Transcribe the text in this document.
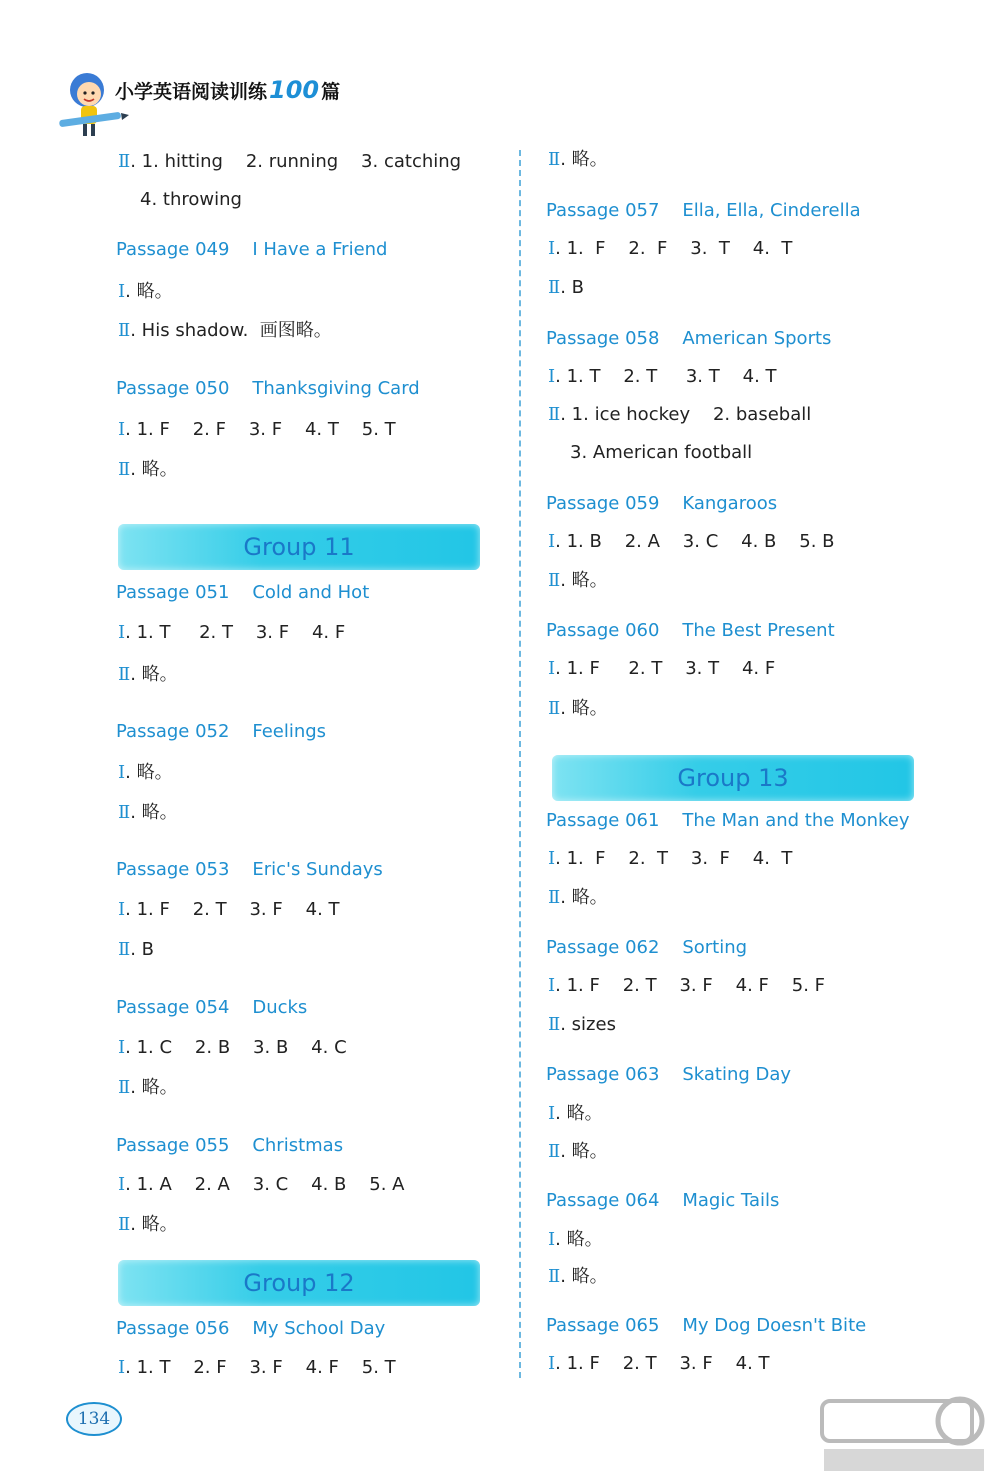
小学英语阅读训练100 篇
Ⅱ. 1. hitting    2. running    3. catching
4. throwing
Passage 049    I Have a Friend
Ⅰ. 略。
Ⅱ. His shadow.  画图略。
Passage 050    Thanksgiving Card
Ⅰ. 1. F    2. F    3. F    4. T    5. T
Ⅱ. 略。
Group 11
Passage 051    Cold and Hot
Ⅰ. 1. T     2. T    3. F    4. F
Ⅱ. 略。
Passage 052    Feelings
Ⅰ. 略。
Ⅱ. 略。
Passage 053    Eric's Sundays
Ⅰ. 1. F    2. T    3. F    4. T
Ⅱ. B
Passage 054    Ducks
Ⅰ. 1. C    2. B    3. B    4. C
Ⅱ. 略。
Passage 055    Christmas
Ⅰ. 1. A    2. A    3. C    4. B    5. A
Ⅱ. 略。
Group 12
Passage 056    My School Day
Ⅰ. 1. T    2. F    3. F    4. F    5. T
Ⅱ. 略。
Passage 057    Ella, Ella, Cinderella
Ⅰ. 1.  F    2.  F    3.  T    4.  T
Ⅱ. B
Passage 058    American Sports
Ⅰ. 1. T    2. T     3. T    4. T
Ⅱ. 1. ice hockey    2. baseball
3. American football
Passage 059    Kangaroos
Ⅰ. 1. B    2. A    3. C    4. B    5. B
Ⅱ. 略。
Passage 060    The Best Present
Ⅰ. 1. F     2. T    3. T    4. F
Ⅱ. 略。
Group 13
Passage 061    The Man and the Monkey
Ⅰ. 1.  F    2.  T    3.  F    4.  T
Ⅱ. 略。
Passage 062    Sorting
Ⅰ. 1. F    2. T    3. F    4. F    5. F
Ⅱ. sizes
Passage 063    Skating Day
Ⅰ. 略。
Ⅱ. 略。
Passage 064    Magic Tails
Ⅰ. 略。
Ⅱ. 略。
Passage 065    My Dog Doesn't Bite
Ⅰ. 1. F    2. T    3. F    4. T
134
